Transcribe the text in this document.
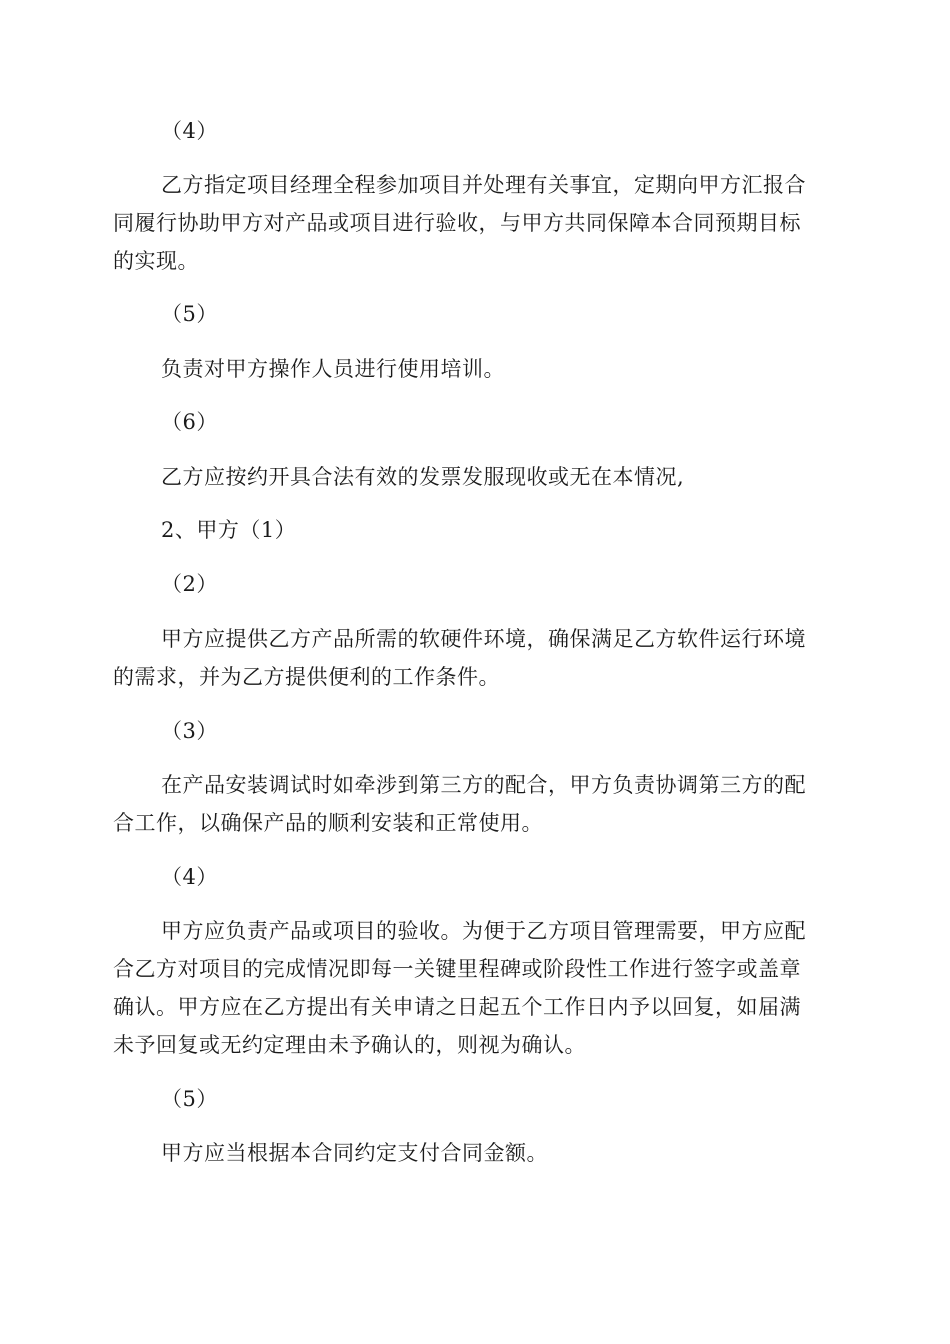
（4）
乙方指定项目经理全程参加项目并处理有关事宜，定期向甲方汇报合
同履行协助甲方对产品或项目进行验收，与甲方共同保障本合同预期目标
的实现。
（5）
负责对甲方操作人员进行使用培训。
（6）
乙方应按约开具合法有效的发票发服现收或无在本情况,
2、甲方（1）
（2）
甲方应提供乙方产品所需的软硬件环境，确保满足乙方软件运行环境
的需求，并为乙方提供便利的工作条件。
（3）
在产品安装调试时如牵涉到第三方的配合，甲方负责协调第三方的配
合工作，以确保产品的顺利安装和正常使用。
（4）
甲方应负责产品或项目的验收。为便于乙方项目管理需要，甲方应配
合乙方对项目的完成情况即每一关键里程碑或阶段性工作进行签字或盖章
确认。甲方应在乙方提出有关申请之日起五个工作日内予以回复，如届满
未予回复或无约定理由未予确认的，则视为确认。
（5）
甲方应当根据本合同约定支付合同金额。
